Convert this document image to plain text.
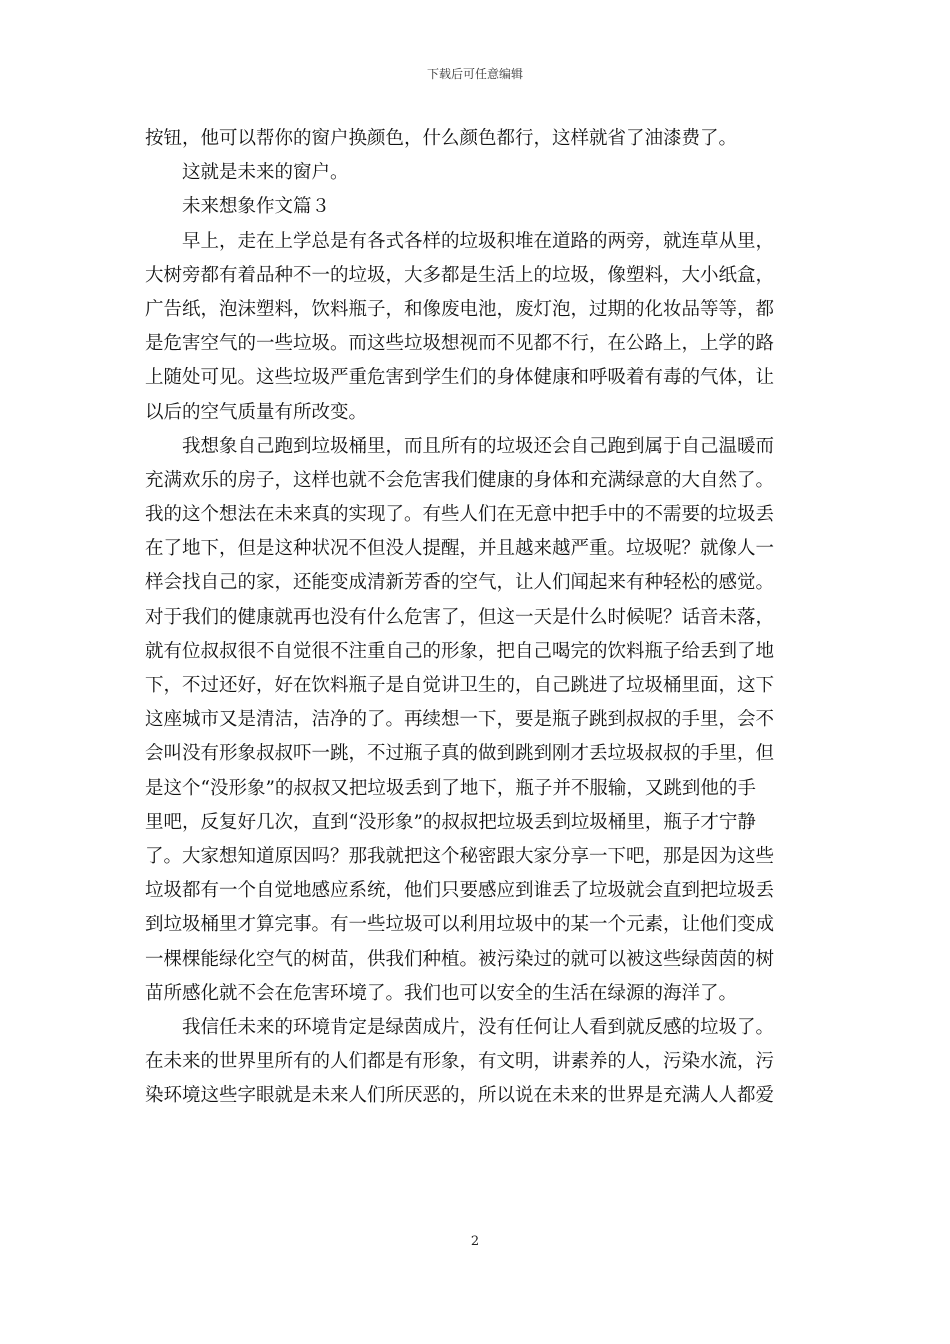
下载后可任意编辑
按钮，他可以帮你的窗户换颜色，什么颜色都行，这样就省了油漆费了。
这就是未来的窗户。
未来想象作文篇３
早上，走在上学总是有各式各样的垃圾积堆在道路的两旁，就连草从里，
大树旁都有着品种不一的垃圾，大多都是生活上的垃圾，像塑料，大小纸盒，
广告纸，泡沫塑料，饮料瓶子，和像废电池，废灯泡，过期的化妆品等等，都
是危害空气的一些垃圾。而这些垃圾想视而不见都不行，在公路上，上学的路
上随处可见。这些垃圾严重危害到学生们的身体健康和呼吸着有毒的气体，让
以后的空气质量有所改变。
我想象自己跑到垃圾桶里，而且所有的垃圾还会自己跑到属于自己温暖而
充满欢乐的房子，这样也就不会危害我们健康的身体和充满绿意的大自然了。
我的这个想法在未来真的实现了。有些人们在无意中把手中的不需要的垃圾丢
在了地下，但是这种状况不但没人提醒，并且越来越严重。垃圾呢？就像人一
样会找自己的家，还能变成清新芳香的空气，让人们闻起来有种轻松的感觉。
对于我们的健康就再也没有什么危害了，但这一天是什么时候呢？话音未落，
就有位叔叔很不自觉很不注重自己的形象，把自己喝完的饮料瓶子给丢到了地
下，不过还好，好在饮料瓶子是自觉讲卫生的，自己跳进了垃圾桶里面，这下
这座城市又是清洁，洁净的了。再续想一下，要是瓶子跳到叔叔的手里，会不
会叫没有形象叔叔吓一跳，不过瓶子真的做到跳到刚才丢垃圾叔叔的手里，但
是这个“没形象”的叔叔又把垃圾丢到了地下，瓶子并不服输，又跳到他的手
里吧，反复好几次，直到“没形象”的叔叔把垃圾丢到垃圾桶里，瓶子才宁静
了。大家想知道原因吗？那我就把这个秘密跟大家分享一下吧，那是因为这些
垃圾都有一个自觉地感应系统，他们只要感应到谁丢了垃圾就会直到把垃圾丢
到垃圾桶里才算完事。有一些垃圾可以利用垃圾中的某一个元素，让他们变成
一棵棵能绿化空气的树苗，供我们种植。被污染过的就可以被这些绿茵茵的树
苗所感化就不会在危害环境了。我们也可以安全的生活在绿源的海洋了。
我信任未来的环境肯定是绿茵成片，没有任何让人看到就反感的垃圾了。
在未来的世界里所有的人们都是有形象，有文明，讲素养的人，污染水流，污
染环境这些字眼就是未来人们所厌恶的，所以说在未来的世界是充满人人都爱
2
